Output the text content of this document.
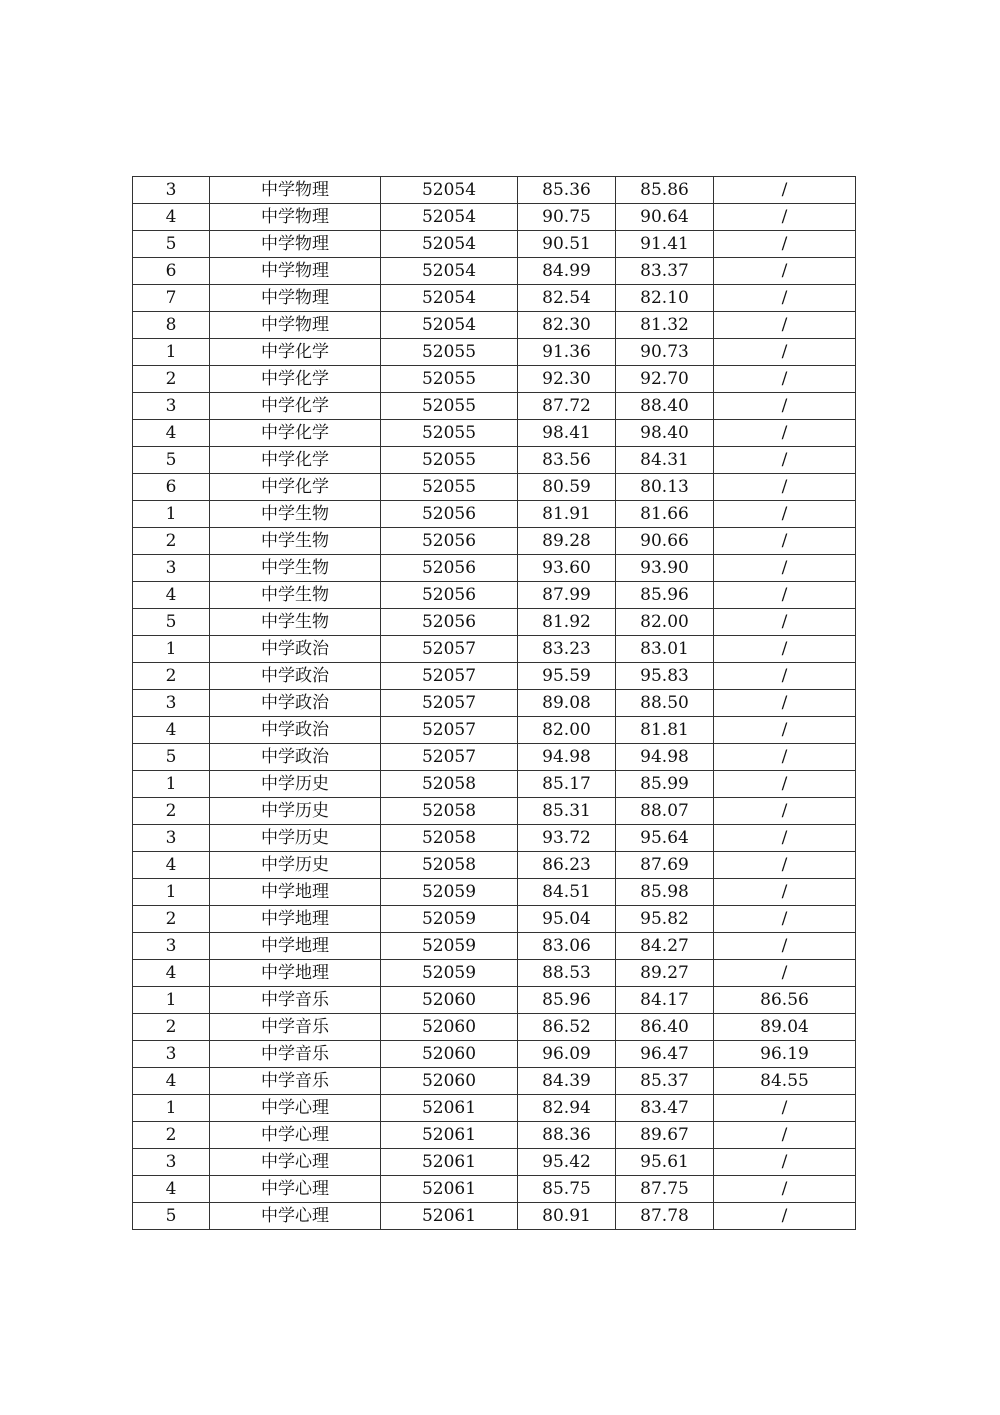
3	中学物理	52054	85.36	85.86	/
4	中学物理	52054	90.75	90.64	/
5	中学物理	52054	90.51	91.41	/
6	中学物理	52054	84.99	83.37	/
7	中学物理	52054	82.54	82.10	/
8	中学物理	52054	82.30	81.32	/
1	中学化学	52055	91.36	90.73	/
2	中学化学	52055	92.30	92.70	/
3	中学化学	52055	87.72	88.40	/
4	中学化学	52055	98.41	98.40	/
5	中学化学	52055	83.56	84.31	/
6	中学化学	52055	80.59	80.13	/
1	中学生物	52056	81.91	81.66	/
2	中学生物	52056	89.28	90.66	/
3	中学生物	52056	93.60	93.90	/
4	中学生物	52056	87.99	85.96	/
5	中学生物	52056	81.92	82.00	/
1	中学政治	52057	83.23	83.01	/
2	中学政治	52057	95.59	95.83	/
3	中学政治	52057	89.08	88.50	/
4	中学政治	52057	82.00	81.81	/
5	中学政治	52057	94.98	94.98	/
1	中学历史	52058	85.17	85.99	/
2	中学历史	52058	85.31	88.07	/
3	中学历史	52058	93.72	95.64	/
4	中学历史	52058	86.23	87.69	/
1	中学地理	52059	84.51	85.98	/
2	中学地理	52059	95.04	95.82	/
3	中学地理	52059	83.06	84.27	/
4	中学地理	52059	88.53	89.27	/
1	中学音乐	52060	85.96	84.17	86.56
2	中学音乐	52060	86.52	86.40	89.04
3	中学音乐	52060	96.09	96.47	96.19
4	中学音乐	52060	84.39	85.37	84.55
1	中学心理	52061	82.94	83.47	/
2	中学心理	52061	88.36	89.67	/
3	中学心理	52061	95.42	95.61	/
4	中学心理	52061	85.75	87.75	/
5	中学心理	52061	80.91	87.78	/
